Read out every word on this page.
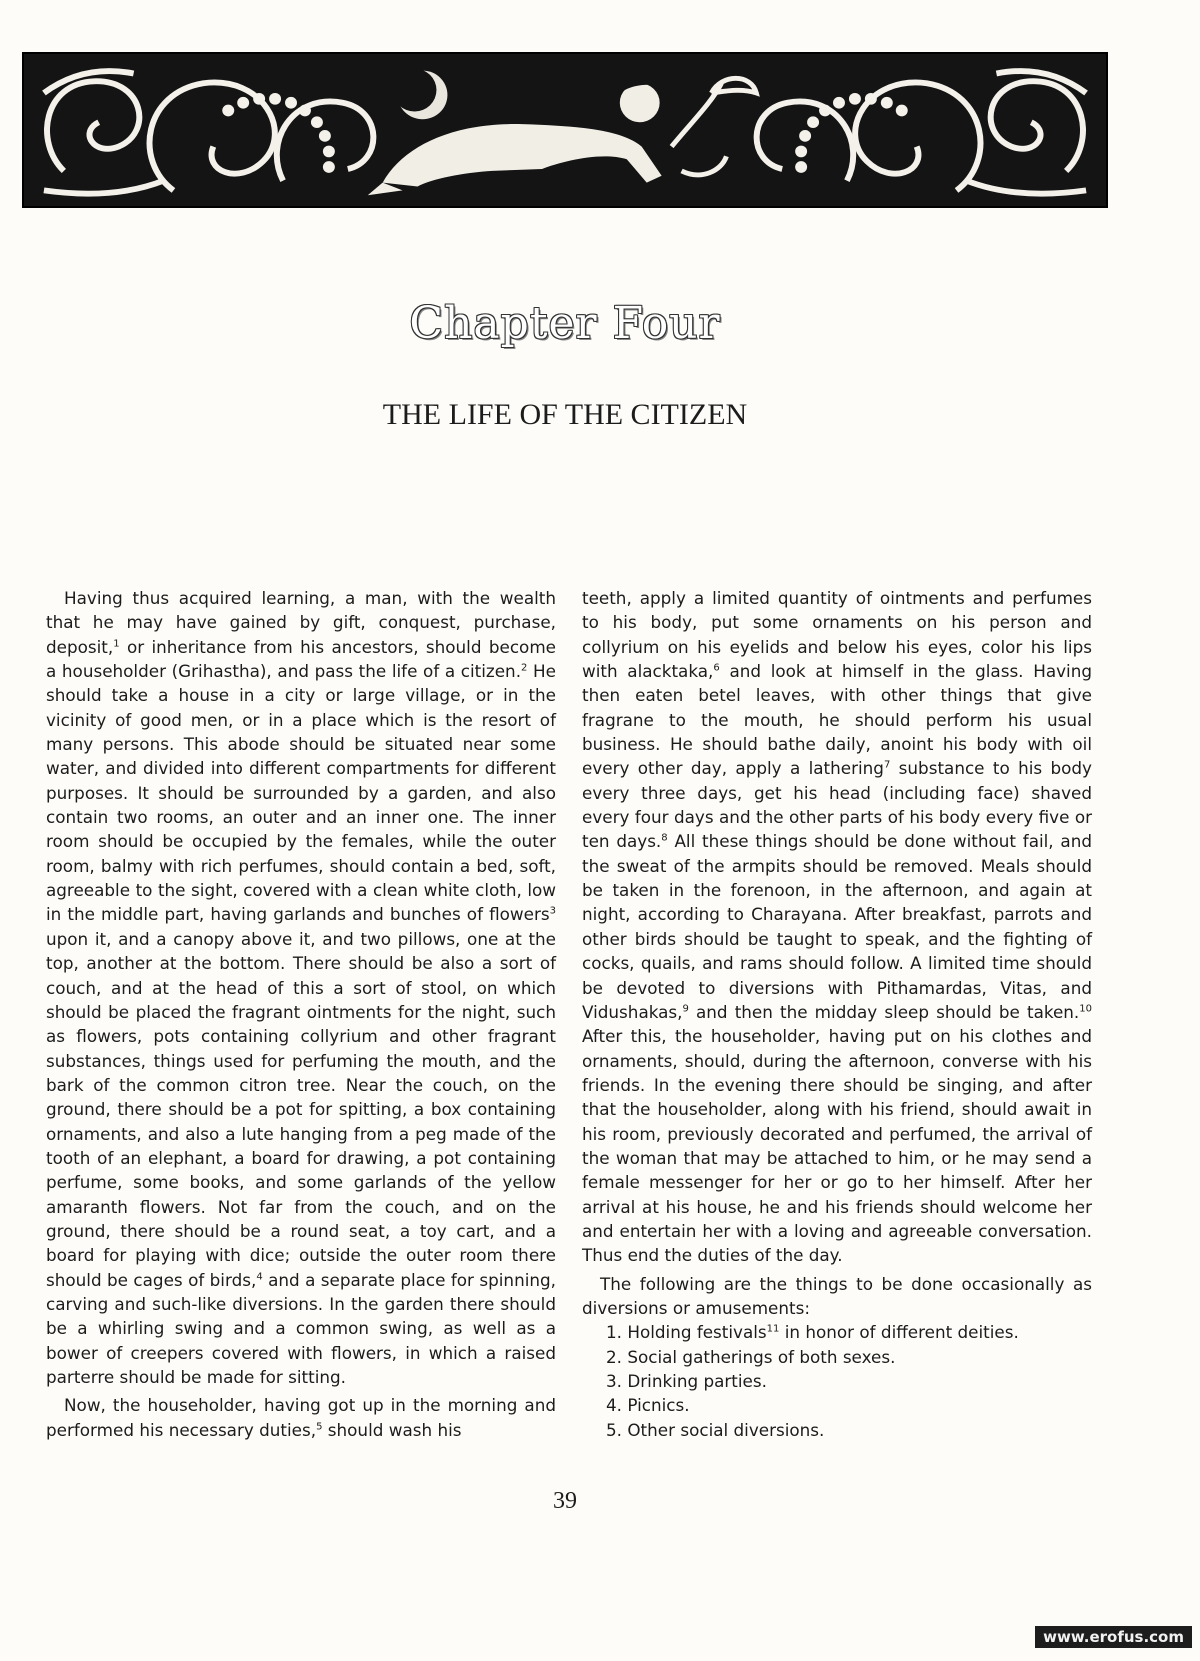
Chapter Four
THE LIFE OF THE CITIZEN

Having thus acquired learning, a man, with the wealth that he may have gained by gift, conquest, purchase, deposit,$^1$ or inheritance from his ancestors, should become a householder (Grihastha), and pass the life of a citizen.$^2$ He should take a house in a city or large village, or in the vicinity of good men, or in a place which is the resort of many persons. This abode should be situated near some water, and divided into different compartments for different purposes. It should be surrounded by a garden, and also contain two rooms, an outer and an inner one. The inner room should be occupied by the females, while the outer room, balmy with rich perfumes, should contain a bed, soft, agreeable to the sight, covered with a clean white cloth, low in the middle part, having garlands and bunches of flowers$^3$ upon it, and a canopy above it, and two pillows, one at the top, another at the bottom. There should be also a sort of couch, and at the head of this a sort of stool, on which should be placed the fragrant ointments for the night, such as flowers, pots containing collyrium and other fragrant substances, things used for perfuming the mouth, and the bark of the common citron tree. Near the couch, on the ground, there should be a pot for spitting, a box containing ornaments, and also a lute hanging from a peg made of the tooth of an elephant, a board for drawing, a pot containing perfume, some books, and some garlands of the yellow amaranth flowers. Not far from the couch, and on the ground, there should be a round seat, a toy cart, and a board for playing with dice; outside the outer room there should be cages of birds,$^4$ and a separate place for spinning, carving and such-like diversions. In the garden there should be a whirling swing and a common swing, as well as a bower of creepers covered with flowers, in which a raised parterre should be made for sitting.

Now, the householder, having got up in the morning and performed his necessary duties,$^5$ should wash his

teeth, apply a limited quantity of ointments and perfumes to his body, put some ornaments on his person and collyrium on his eyelids and below his eyes, color his lips with alacktaka,$^6$ and look at himself in the glass. Having then eaten betel leaves, with other things that give fragrane to the mouth, he should perform his usual business. He should bathe daily, anoint his body with oil every other day, apply a lathering$^7$ substance to his body every three days, get his head (including face) shaved every four days and the other parts of his body every five or ten days.$^8$ All these things should be done without fail, and the sweat of the armpits should be removed. Meals should be taken in the forenoon, in the afternoon, and again at night, according to Charayana. After breakfast, parrots and other birds should be taught to speak, and the fighting of cocks, quails, and rams should follow. A limited time should be devoted to diversions with Pithamardas, Vitas, and Vidushakas,$^9$ and then the midday sleep should be taken.$^{10}$ After this, the householder, having put on his clothes and ornaments, should, during the afternoon, converse with his friends. In the evening there should be singing, and after that the householder, along with his friend, should await in his room, previously decorated and perfumed, the arrival of the woman that may be attached to him, or he may send a female messenger for her or go to her himself. After her arrival at his house, he and his friends should welcome her and entertain her with a loving and agreeable conversation. Thus end the duties of the day.

The following are the things to be done occasionally as diversions or amusements:

1. Holding festivals$^{11}$ in honor of different deities.
2. Social gatherings of both sexes.
3. Drinking parties.
4. Picnics.
5. Other social diversions.
39
www.erofus.com
